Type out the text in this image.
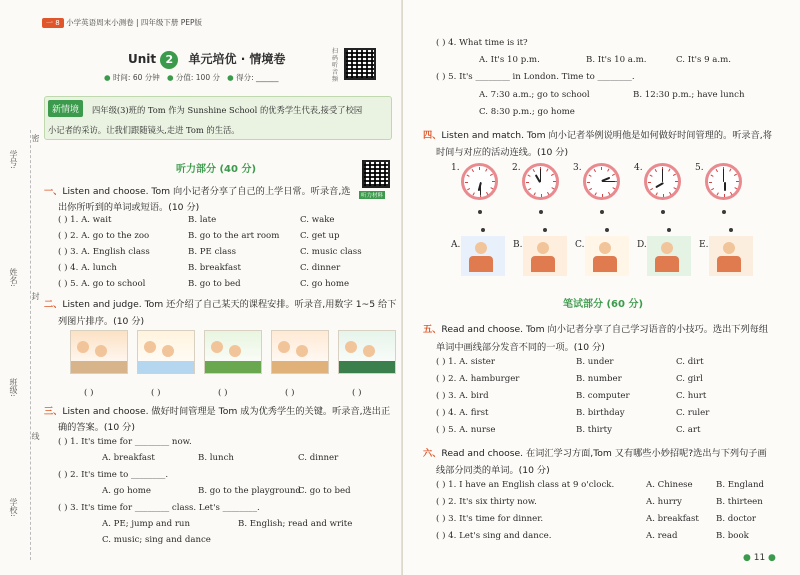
一 8 小学英语周末小测卷 | 四年级下册 PEP版
Unit 2 单元培优 · 情境卷
● 时间: 60 分钟 ● 分值: 100 分 ● 得分: ______
扫码听音频
新情境	四年级(3)班的 Tom 作为 Sunshine School 的优秀学生代表,接受了校园
小记者的采访。让我们跟随镜头,走进 Tom 的生活。
听力部分 (40 分)
听力材料
一、Listen and choose. Tom 向小记者分享了自己的上学日常。听录音,选
出你所听到的单词或短语。(10 分)
( ) 1. A. wait	B. late	C. wake
( ) 2. A. go to the zoo	B. go to the art room C. get up
( ) 3. A. English class	B. PE class	C. music class
( ) 4. A. lunch	B. breakfast	C. dinner
( ) 5. A. go to school	B. go to bed	C. go home
二、Listen and judge. Tom 还介绍了自己某天的课程安排。听录音,用数字 1~5 给下
列图片排序。(10 分)
( )	( )	( )	( )	( )
三、Listen and choose. 做好时间管理是 Tom 成为优秀学生的关键。听录音,选出正
确的答案。(10 分)
( ) 1. It's time for ________ now.
A. breakfast	B. lunch	C. dinner
( ) 2. It's time to ________.
A. go home	B. go to the playground
C. go to bed
( ) 3. It's time for ________ class. Let's ________.
A. PE; jump and run	B. English; read and write
C. music; sing and dance
学号:
姓名:
班级:
学校:
密
封
线
( ) 4. What time is it?
A. It's 10 p.m.	B. It's 10 a.m.	C. It's 9 a.m.
( ) 5. It's ________ in London. Time to ________.
A. 7:30 a.m.; go to school	B. 12:30 p.m.; have lunch
C. 8:30 p.m.; go home
四、Listen and match. Tom 向小记者举例说明他是如何做好时间管理的。听录音,将
时间与对应的活动连线。(10 分)
1.	2.	3.	4.	5.
A.	B.	C.	D.	E.
笔试部分 (60 分)
五、Read and choose. Tom 向小记者分享了自己学习语音的小技巧。选出下列每组
单词中画线部分发音不同的一项。(10 分)
( ) 1. A. sister	B. under	C. dirt
( ) 2. A. hamburger	B. number	C. girl
( ) 3. A. bird	B. computer	C. hurt
( ) 4. A. first	B. birthday	C. ruler
( ) 5. A. nurse	B. thirty	C. art
六、Read and choose. 在词汇学习方面,Tom 又有哪些小妙招呢?选出与下列句子画
线部分同类的单词。(10 分)
( ) 1. I have an English class at 9 o'clock.	A. Chinese	B. England
( ) 2. It's six thirty now.	A. hurry	B. thirteen
( ) 3. It's time for dinner.	A. breakfast B. doctor
( ) 4. Let's sing and dance.	A. read	B. book
● 11 ●
